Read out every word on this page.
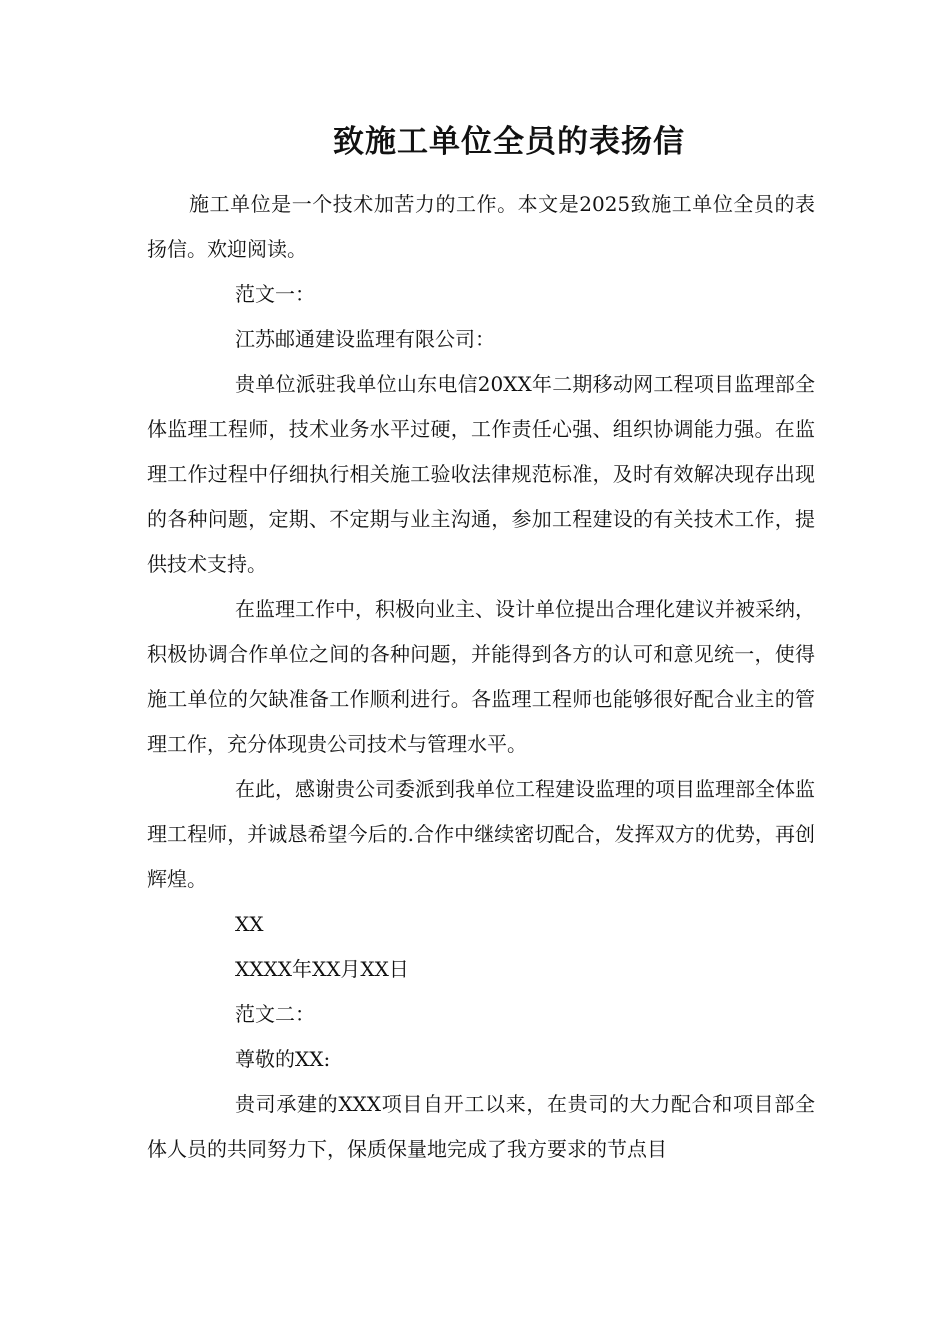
致施工单位全员的表扬信

施工单位是一个技术加苦力的工作。本文是2025致施工单位全员的表扬信。欢迎阅读。

范文一：

江苏邮通建设监理有限公司：

贵单位派驻我单位山东电信20XX年二期移动网工程项目监理部全体监理工程师，技术业务水平过硬，工作责任心强、组织协调能力强。在监理工作过程中仔细执行相关施工验收法律规范标准，及时有效解决现存出现的各种问题，定期、不定期与业主沟通，参加工程建设的有关技术工作，提供技术支持。

在监理工作中，积极向业主、设计单位提出合理化建议并被采纳，积极协调合作单位之间的各种问题，并能得到各方的认可和意见统一，使得施工单位的欠缺准备工作顺利进行。各监理工程师也能够很好配合业主的管理工作，充分体现贵公司技术与管理水平。

在此，感谢贵公司委派到我单位工程建设监理的项目监理部全体监理工程师，并诚恳希望今后的.合作中继续密切配合，发挥双方的优势，再创辉煌。

XX

XXXX年XX月XX日

范文二：

尊敬的XX:

贵司承建的XXX项目自开工以来，在贵司的大力配合和项目部全体人员的共同努力下，保质保量地完成了我方要求的节点目
